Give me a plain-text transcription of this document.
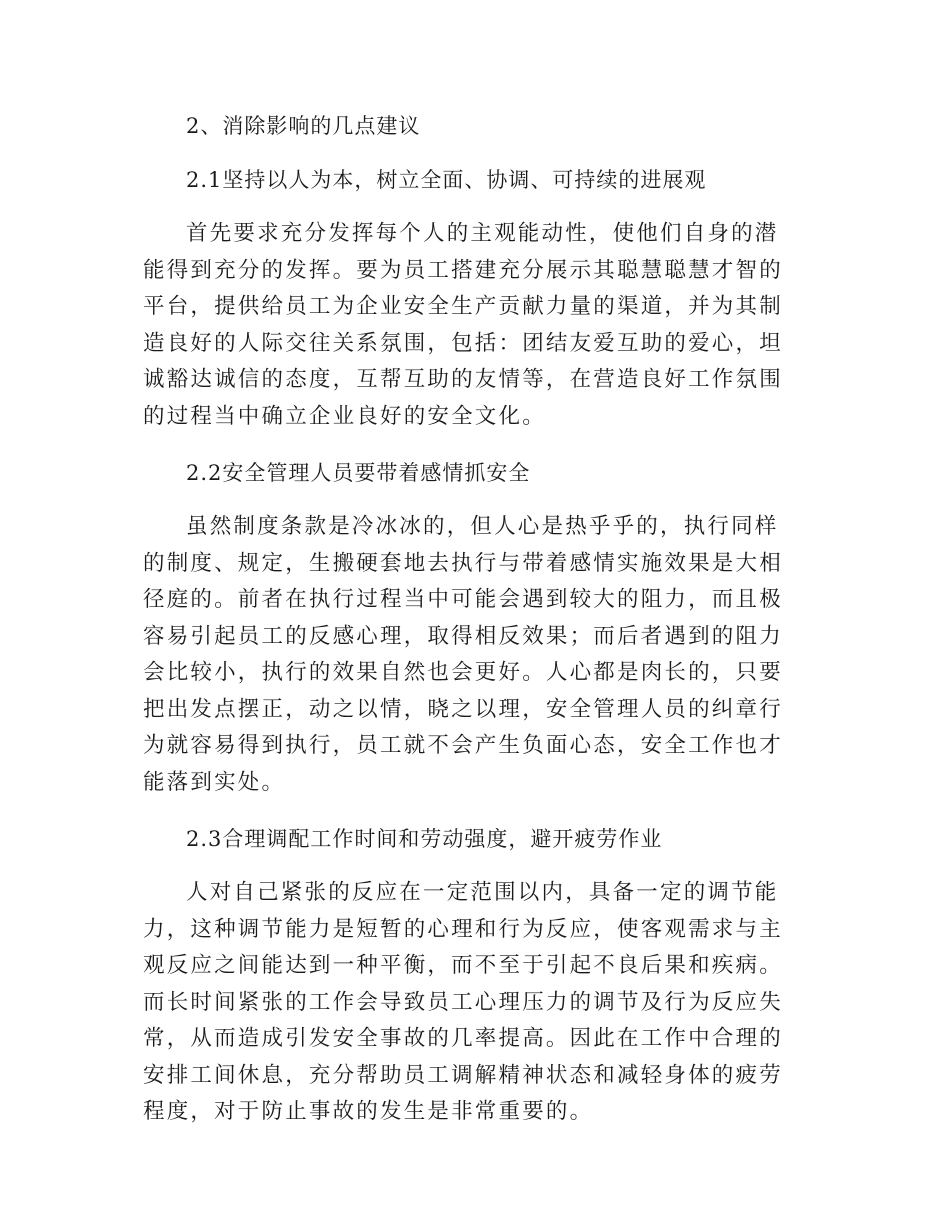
2、消除影响的几点建议
2.1坚持以人为本，树立全面、协调、可持续的进展观

首先要求充分发挥每个人的主观能动性，使他们自身的潜能得到充分的发挥。要为员工搭建充分展示其聪慧聪慧才智的平台，提供给员工为企业安全生产贡献力量的渠道，并为其制造良好的人际交往关系氛围，包括：团结友爱互助的爱心，坦诚豁达诚信的态度，互帮互助的友情等，在营造良好工作氛围的过程当中确立企业良好的安全文化。

2.2安全管理人员要带着感情抓安全

虽然制度条款是冷冰冰的，但人心是热乎乎的，执行同样的制度、规定，生搬硬套地去执行与带着感情实施效果是大相径庭的。前者在执行过程当中可能会遇到较大的阻力，而且极容易引起员工的反感心理，取得相反效果；而后者遇到的阻力会比较小，执行的效果自然也会更好。人心都是肉长的，只要把出发点摆正，动之以情，晓之以理，安全管理人员的纠章行为就容易得到执行，员工就不会产生负面心态，安全工作也才能落到实处。

2.3合理调配工作时间和劳动强度，避开疲劳作业

人对自己紧张的反应在一定范围以内，具备一定的调节能力，这种调节能力是短暂的心理和行为反应，使客观需求与主观反应之间能达到一种平衡，而不至于引起不良后果和疾病。而长时间紧张的工作会导致员工心理压力的调节及行为反应失常，从而造成引发安全事故的几率提高。因此在工作中合理的安排工间休息，充分帮助员工调解精神状态和减轻身体的疲劳程度，对于防止事故的发生是非常重要的。
